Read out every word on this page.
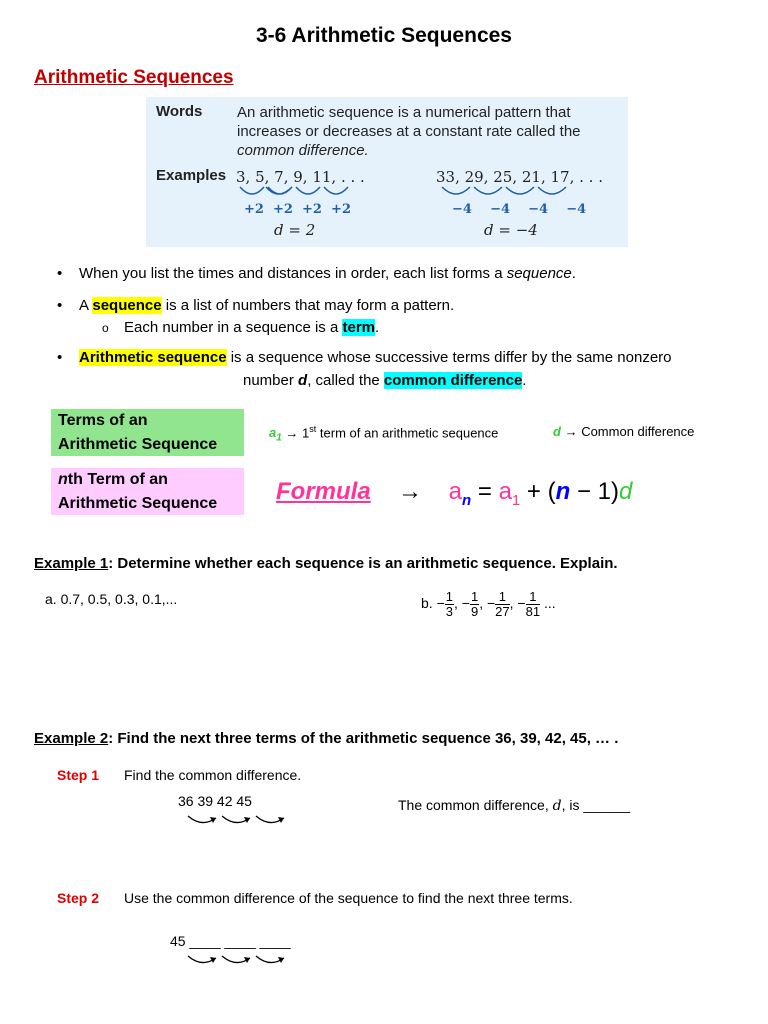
3-6 Arithmetic Sequences
Arithmetic Sequences
Words An arithmetic sequence is a numerical pattern that increases or decreases at a constant rate called the common difference.
Examples 3, 5, 7, 9, 11, . . .
+2 +2 +2 +2
d = 2
33, 29, 25, 21, 17, . . .
−4 −4 −4 −4
d = −4
• When you list the times and distances in order, each list forms a sequence.
• A sequence is a list of numbers that may form a pattern.
o Each number in a sequence is a term.
• Arithmetic sequence is a sequence whose successive terms differ by the same nonzero
number d, called the common difference.
Terms of an
Arithmetic Sequence
$a_1 \to 1st$ term of an arithmetic sequence	d → Common difference
nth Term of an
Arithmetic Sequence	Formula → $a_n = a_1 + (n - 1)d$
Example 1: Determine whether each sequence is an arithmetic sequence. Explain.
a. 0.7, 0.5, 0.3, 0.1,...	b. − $\frac{1}{3}$ , − $\frac{1}{9}$ , − $\frac{1}{27}$ , − $\frac{1}{81}$ ...
Example 2: Find the next three terms of the arithmetic sequence 36, 39, 42, 45, … .
Step 1 Find the common difference.
36 39 42 45	The common difference, d, is ______
Step 2 Use the common difference of the sequence to find the next three terms.
45 ____ ____ ____
